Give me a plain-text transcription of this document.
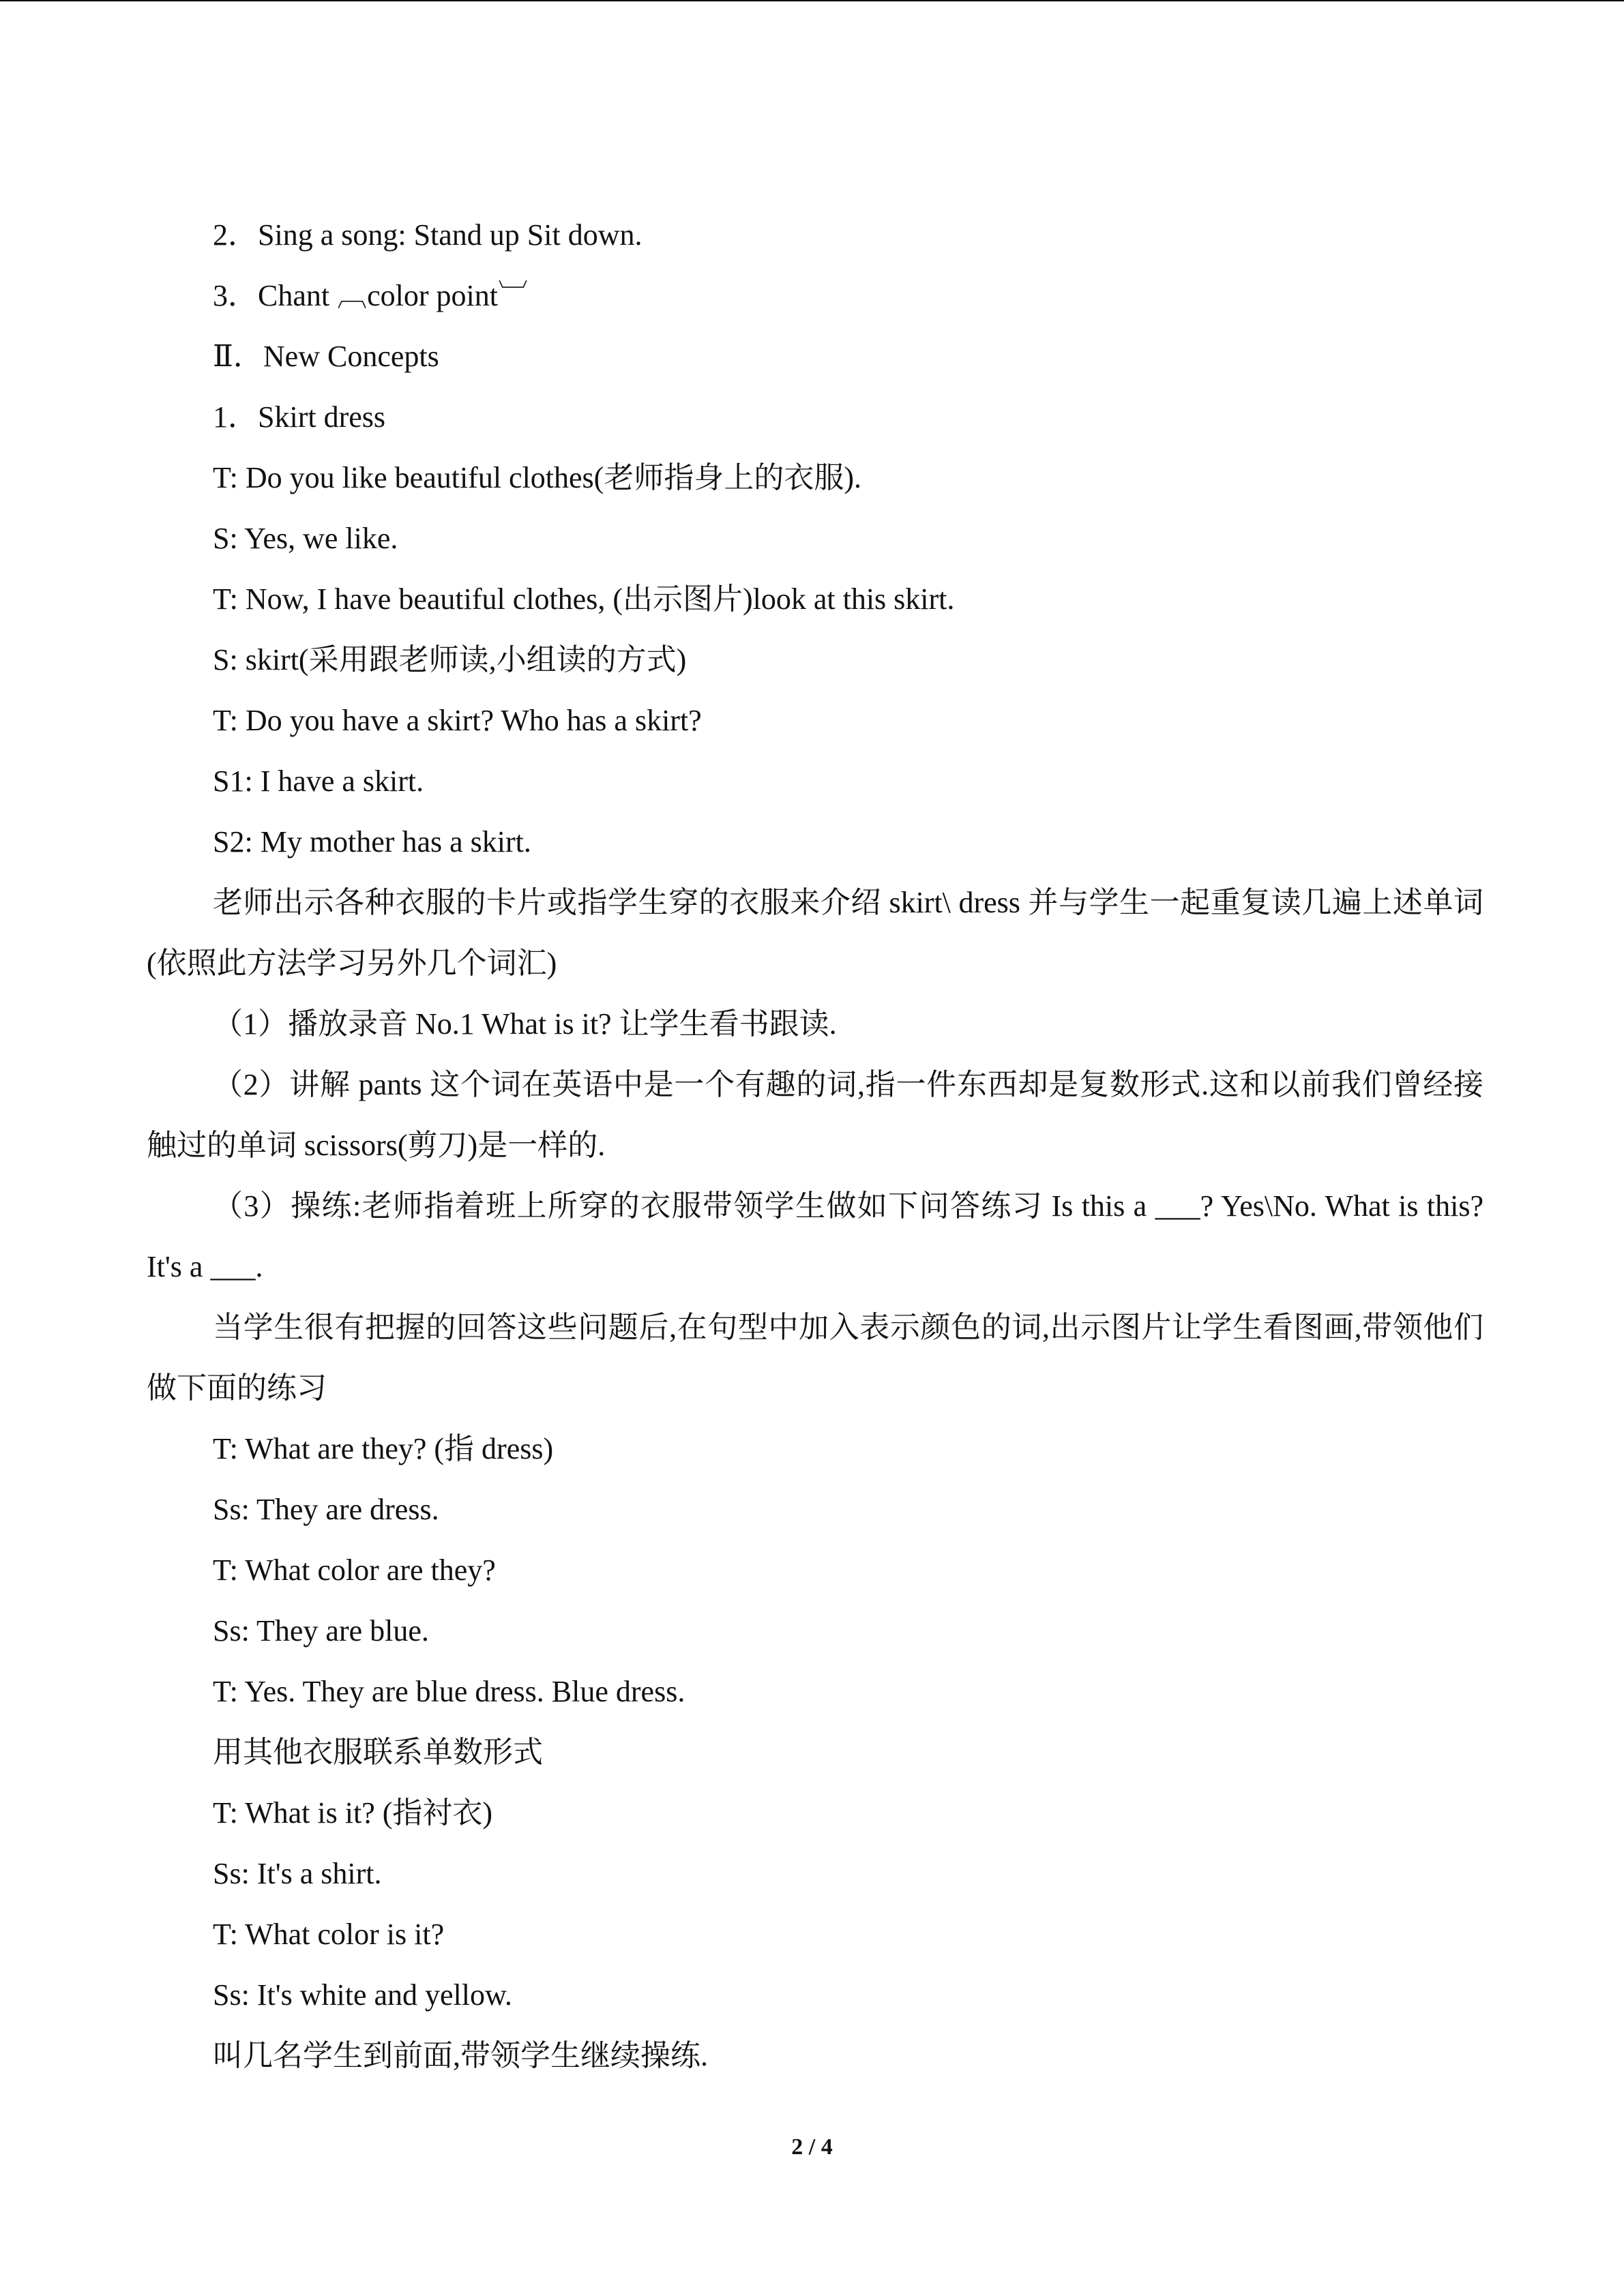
2．Sing a song: Stand up Sit down.
3．Chant ︹color point︺
Ⅱ．New Concepts
1．Skirt dress
T: Do you like beautiful clothes(老师指身上的衣服).
S: Yes, we like.
T: Now, I have beautiful clothes, (出示图片)look at this skirt.
S: skirt(采用跟老师读,小组读的方式)
T: Do you have a skirt? Who has a skirt?
S1: I have a skirt.
S2: My mother has a skirt.
老师出示各种衣服的卡片或指学生穿的衣服来介绍 skirt\ dress 并与学生一起重复读几遍上述单词(依照此方法学习另外几个词汇)
（1）播放录音 No.1 What is it? 让学生看书跟读.
（2）讲解 pants 这个词在英语中是一个有趣的词,指一件东西却是复数形式.这和以前我们曾经接触过的单词 scissors(剪刀)是一样的.
（3）操练:老师指着班上所穿的衣服带领学生做如下问答练习 Is this a ___? Yes\No. What is this? It's a ___.
当学生很有把握的回答这些问题后,在句型中加入表示颜色的词,出示图片让学生看图画,带领他们做下面的练习
T: What are they? (指 dress)
Ss: They are dress.
T: What color are they?
Ss: They are blue.
T: Yes. They are blue dress. Blue dress.
用其他衣服联系单数形式
T: What is it? (指衬衣)
Ss: It's a shirt.
T: What color is it?
Ss: It's white and yellow.
叫几名学生到前面,带领学生继续操练.
2 / 4
